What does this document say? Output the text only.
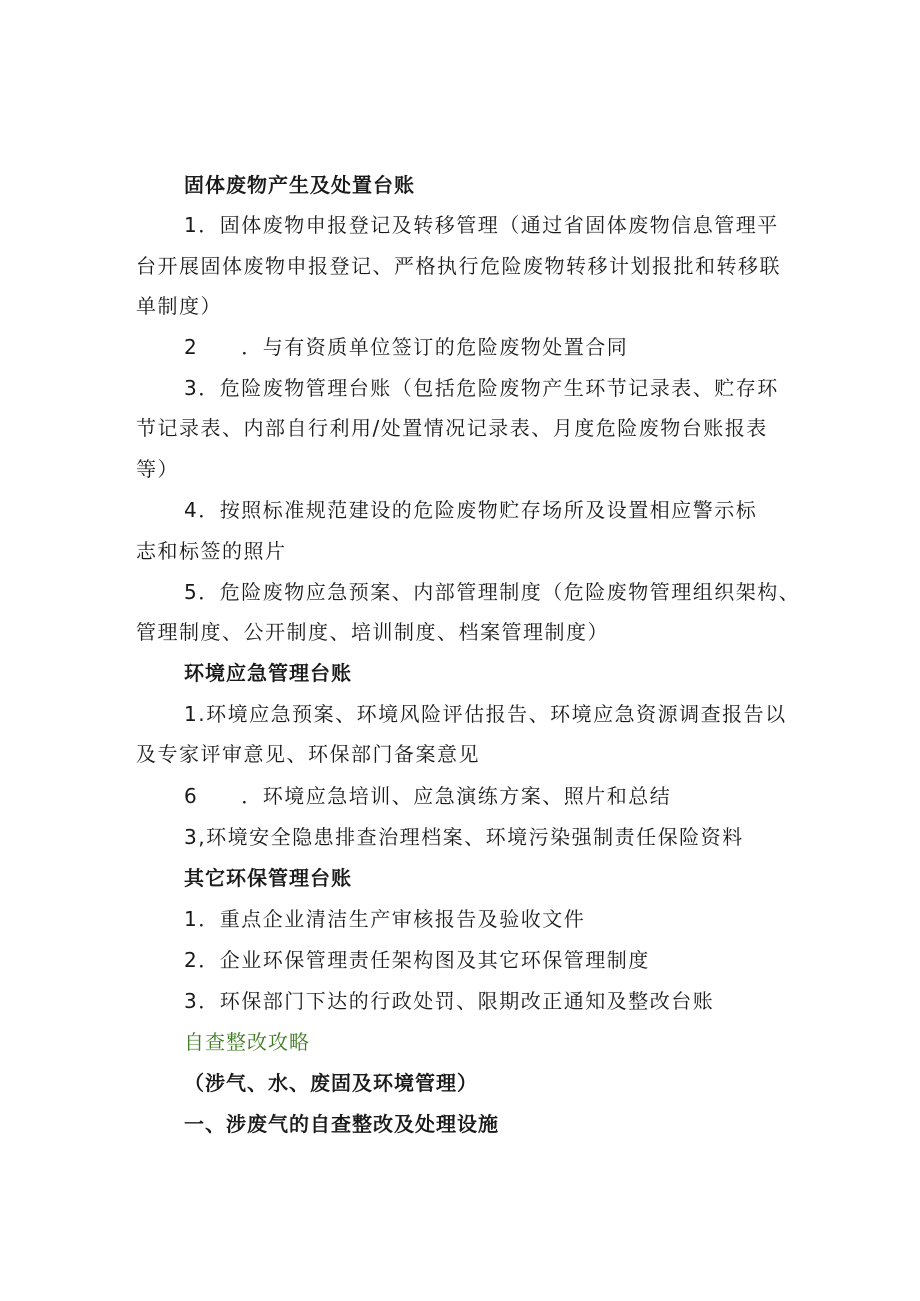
固体废物产生及处置台账
1．固体废物申报登记及转移管理（通过省固体废物信息管理平
台开展固体废物申报登记、严格执行危险废物转移计划报批和转移联
单制度）
2　　．与有资质单位签订的危险废物处置合同
3．危险废物管理台账（包括危险废物产生环节记录表、贮存环
节记录表、内部自行利用/处置情况记录表、月度危险废物台账报表
等）
4．按照标准规范建设的危险废物贮存场所及设置相应警示标
志和标签的照片
5．危险废物应急预案、内部管理制度（危险废物管理组织架构、
管理制度、公开制度、培训制度、档案管理制度）
环境应急管理台账
1.环境应急预案、环境风险评估报告、环境应急资源调查报告以
及专家评审意见、环保部门备案意见
6　　．环境应急培训、应急演练方案、照片和总结
3,环境安全隐患排查治理档案、环境污染强制责任保险资料
其它环保管理台账
1．重点企业清洁生产审核报告及验收文件
2．企业环保管理责任架构图及其它环保管理制度
3．环保部门下达的行政处罚、限期改正通知及整改台账
自查整改攻略
（涉气、水、废固及环境管理）
一、涉废气的自查整改及处理设施
